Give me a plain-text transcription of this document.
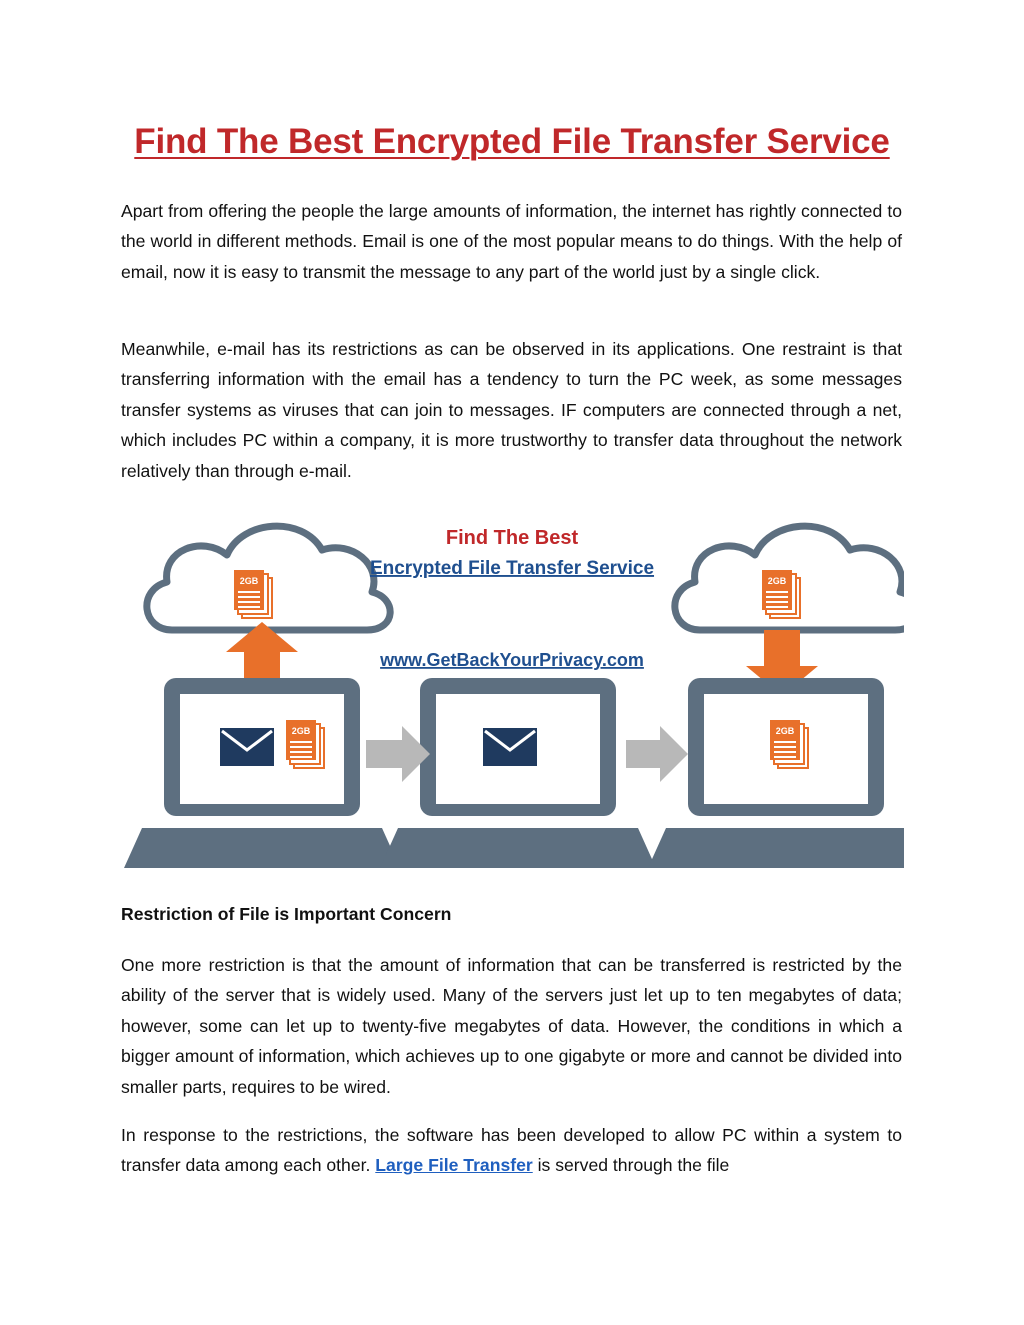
Find The Best Encrypted File Transfer Service

Apart from offering the people the large amounts of information, the internet has rightly connected to the world in different methods. Email is one of the most popular means to do things. With the help of email, now it is easy to transmit the message to any part of the world just by a single click.

Meanwhile, e-mail has its restrictions as can be observed in its applications. One restraint is that transferring information with the email has a tendency to turn the PC week, as some messages transfer systems as viruses that can join to messages. IF computers are connected through a net, which includes PC within a company, it is more trustworthy to transfer data throughout the network relatively than through e-mail.

2GB	2GB
Find The Best
Encrypted File Transfer Service
www.GetBackYourPrivacy.com
2GB	2GB

Restriction of File is Important Concern

One more restriction is that the amount of information that can be transferred is restricted by the ability of the server that is widely used. Many of the servers just let up to ten megabytes of data; however, some can let up to twenty-five megabytes of data. However, the conditions in which a bigger amount of information, which achieves up to one gigabyte or more and cannot be divided into smaller parts, requires to be wired.

In response to the restrictions, the software has been developed to allow PC within a system to transfer data among each other. Large File Transfer is served through the file
